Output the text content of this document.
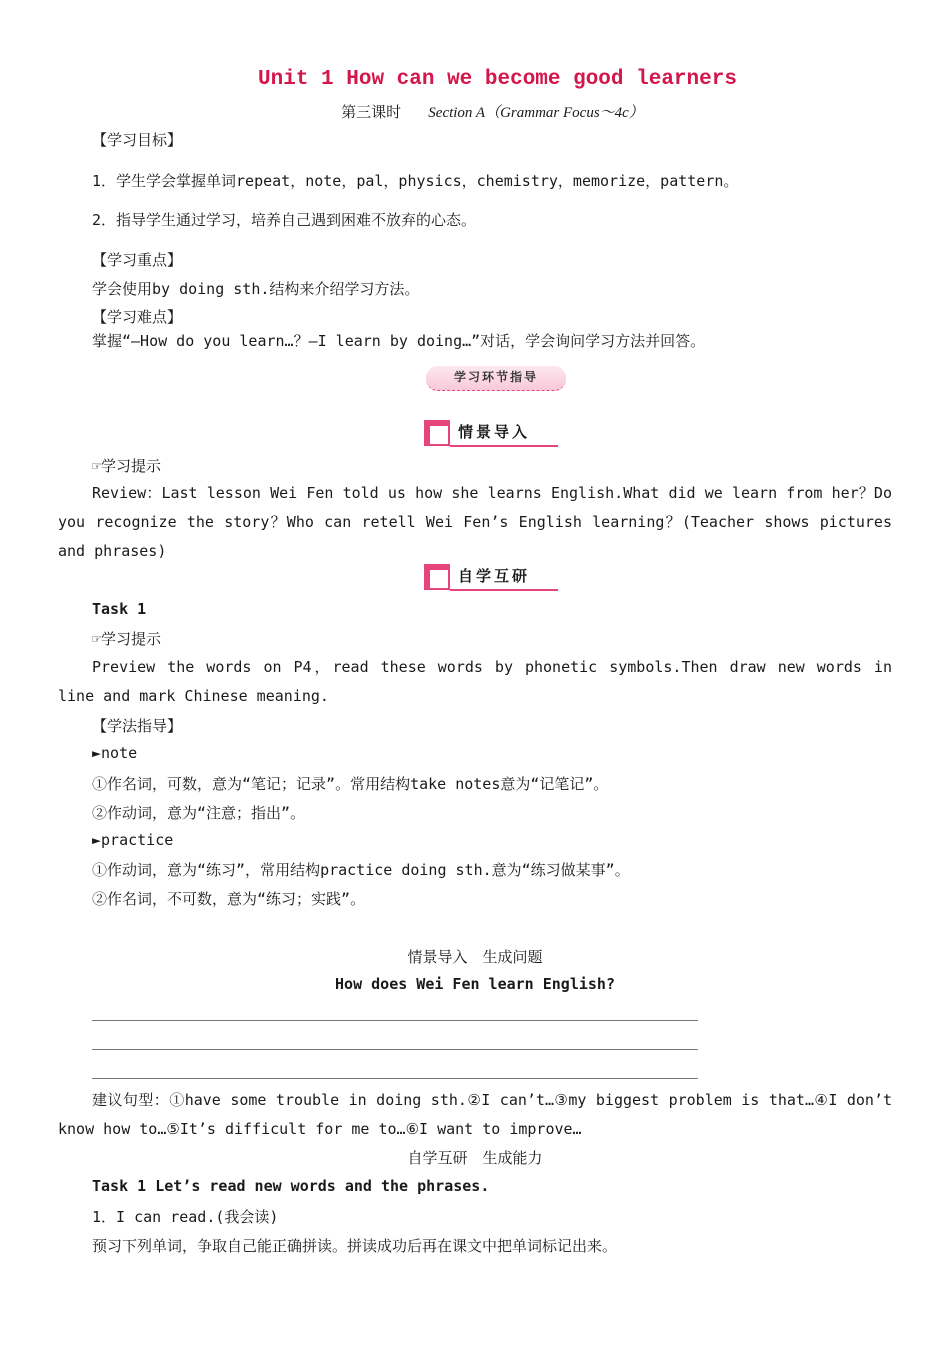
Unit 1 How can we become good learners
第三课时 Section A（Grammar Focus～4c）
【学习目标】
1．学生学会掌握单词repeat，note，pal，physics，chemistry，memorize，pattern。
2．指导学生通过学习，培养自己遇到困难不放弃的心态。
【学习重点】
学会使用by doing sth.结构来介绍学习方法。
【学习难点】
掌握“—How do you learn…？—I learn by doing…”对话，学会询问学习方法并回答。
学习环节指导
情景导入
☞学习提示
Review：Last lesson Wei Fen told us how she learns English.What did we learn from her？Do you recognize the story？Who can retell Wei Fen’s English learning？(Teacher shows pictures and phrases)
自学互研
Task 1
☞学习提示
Preview the words on P4，read these words by phonetic symbols.Then draw new words in line and mark Chinese meaning.
【学法指导】
►note
①作名词，可数，意为“笔记；记录”。常用结构take notes意为“记笔记”。
②作动词，意为“注意；指出”。
►practice
①作动词，意为“练习”，常用结构practice doing sth.意为“练习做某事”。
②作名词，不可数，意为“练习；实践”。
情景导入　生成问题
How does Wei Fen learn English?
建议句型：①have some trouble in doing sth.②I can’t…③my biggest problem is that…④I don’t know how to…⑤It’s difficult for me to…⑥I want to improve…
自学互研　生成能力
Task 1 Let’s read new words and the phrases.
1．I can read.(我会读)
预习下列单词，争取自己能正确拼读。拼读成功后再在课文中把单词标记出来。
